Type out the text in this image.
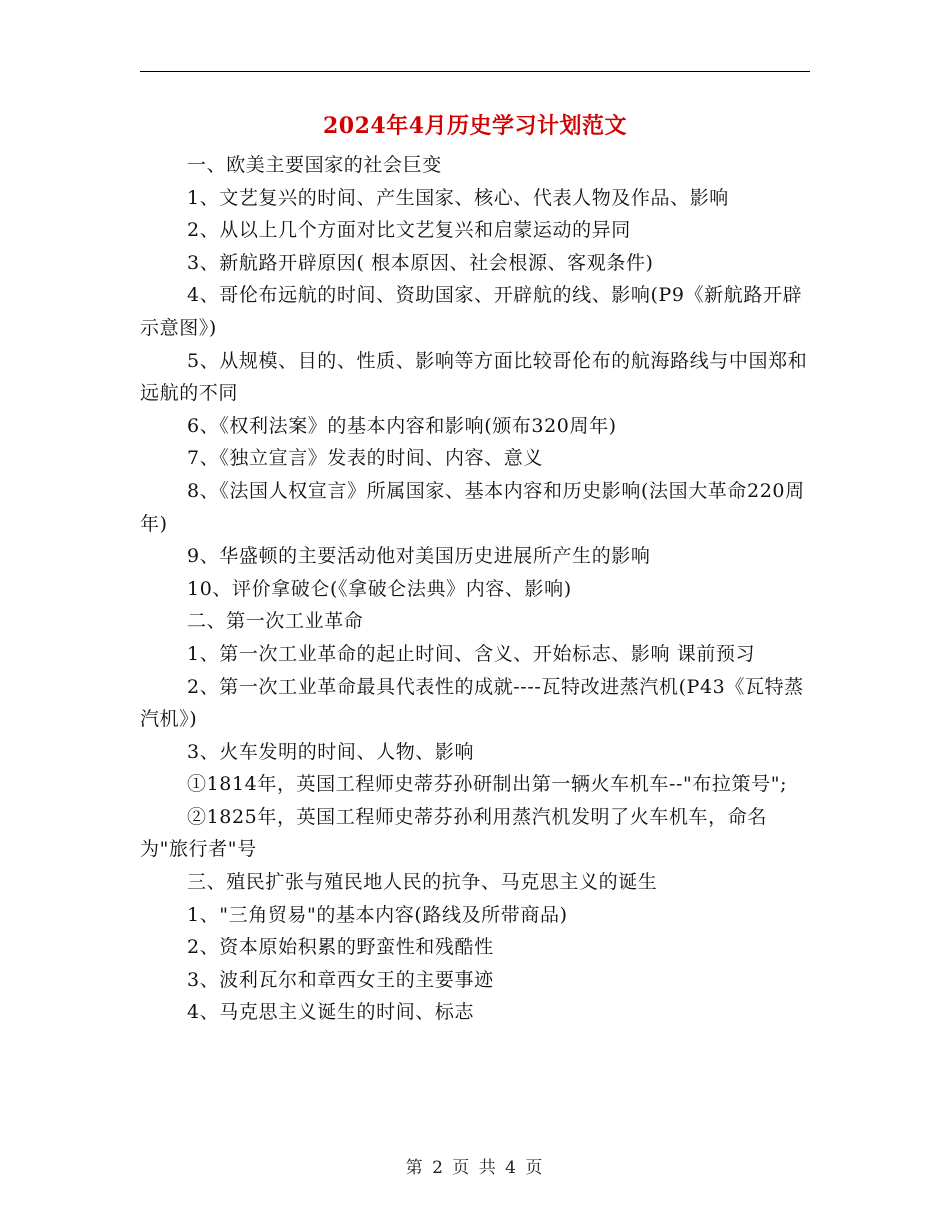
2024年4月历史学习计划范文

一、欧美主要国家的社会巨变

1、文艺复兴的时间、产生国家、核心、代表人物及作品、影响

2、从以上几个方面对比文艺复兴和启蒙运动的异同

3、新航路开辟原因( 根本原因、社会根源、客观条件)

4、哥伦布远航的时间、资助国家、开辟航的线、影响(P9《新航路开辟示意图》)

5、从规模、目的、性质、影响等方面比较哥伦布的航海路线与中国郑和远航的不同

6、《权利法案》的基本内容和影响(颁布320周年)

7、《独立宣言》发表的时间、内容、意义

8、《法国人权宣言》所属国家、基本内容和历史影响(法国大革命220周年)

9、华盛顿的主要活动他对美国历史进展所产生的影响

10、评价拿破仑(《拿破仑法典》内容、影响)

二、第一次工业革命

1、第一次工业革命的起止时间、含义、开始标志、影响 课前预习

2、第一次工业革命最具代表性的成就----瓦特改进蒸汽机(P43《瓦特蒸汽机》)

3、火车发明的时间、人物、影响

①1814年，英国工程师史蒂芬孙研制出第一辆火车机车--"布拉策号";

②1825年，英国工程师史蒂芬孙利用蒸汽机发明了火车机车，命名为"旅行者"号

三、殖民扩张与殖民地人民的抗争、马克思主义的诞生

1、"三角贸易"的基本内容(路线及所带商品)

2、资本原始积累的野蛮性和残酷性

3、波利瓦尔和章西女王的主要事迹

4、马克思主义诞生的时间、标志

第 2 页 共 4 页
